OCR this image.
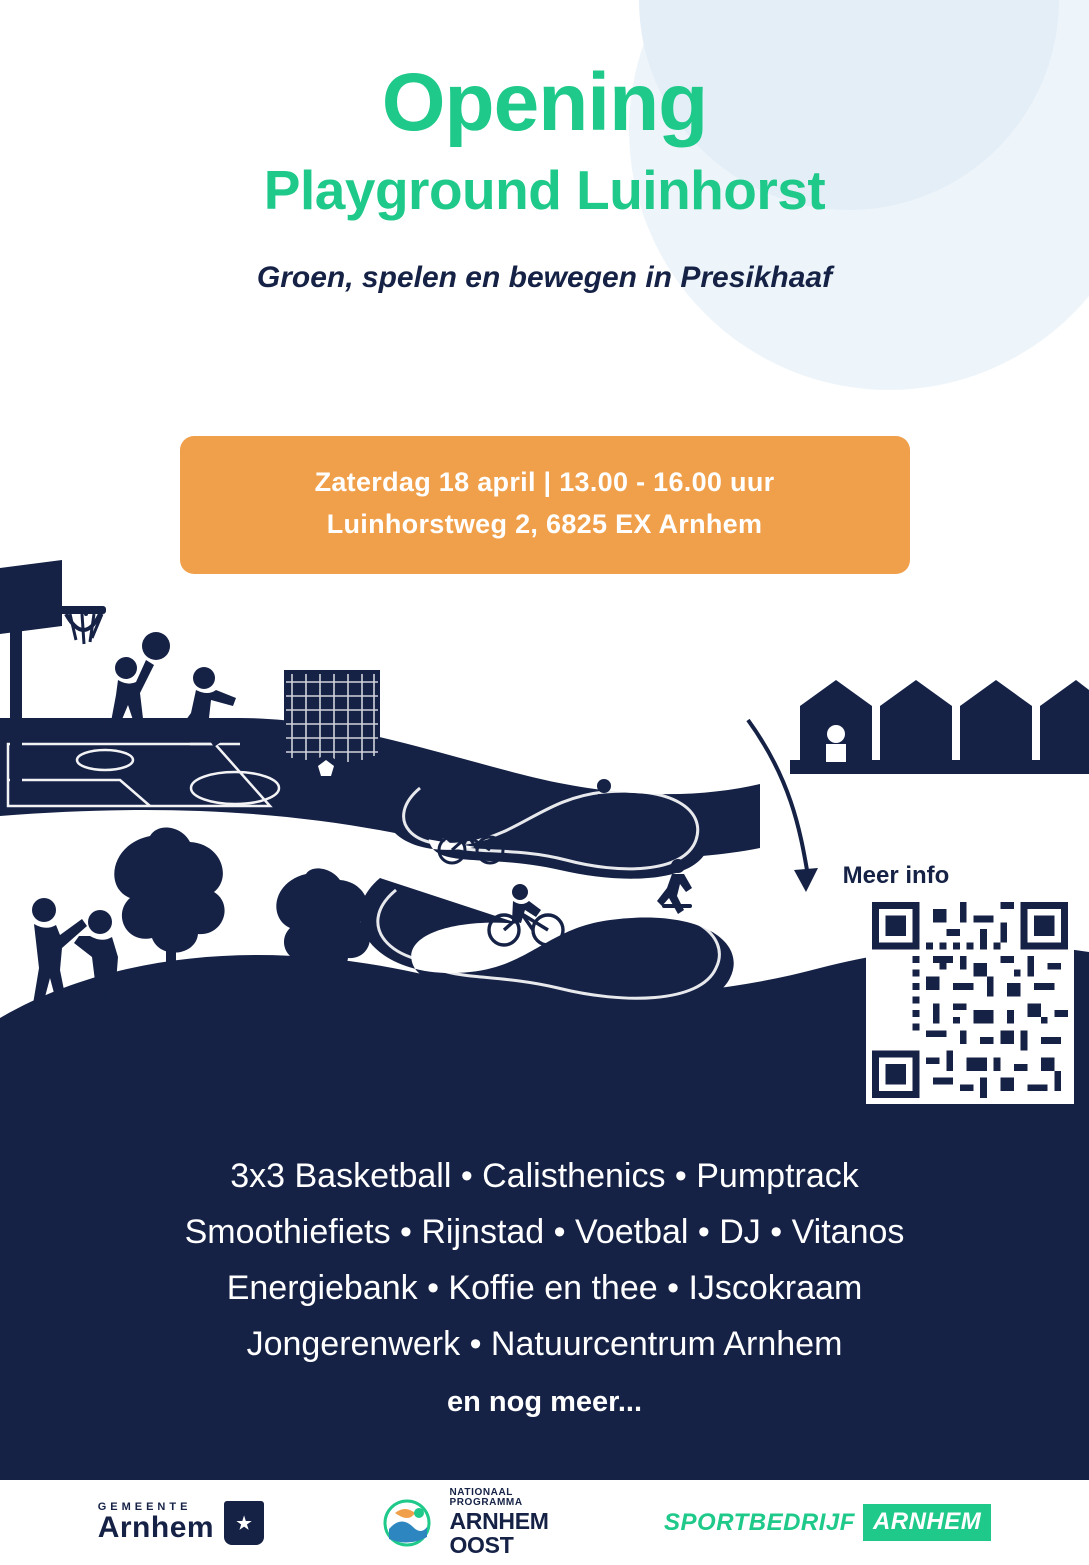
Opening
Playground Luinhorst

Groen, spelen en bewegen in Presikhaaf

Zaterdag 18 april | 13.00 - 16.00 uur
Luinhorstweg 2, 6825 EX Arnhem
Meer info
3x3 Basketball • Calisthenics • Pumptrack
Smoothiefiets • Rijnstad • Voetbal • DJ • Vitanos
Energiebank • Koffie en thee • IJscokraam
Jongerenwerk • Natuurcentrum Arnhem
en nog meer...
GEMEENTE
Arnhem
NATIONAAL
PROGRAMMA
ARNHEM
OOST
SPORTBEDRIJF ARNHEM
